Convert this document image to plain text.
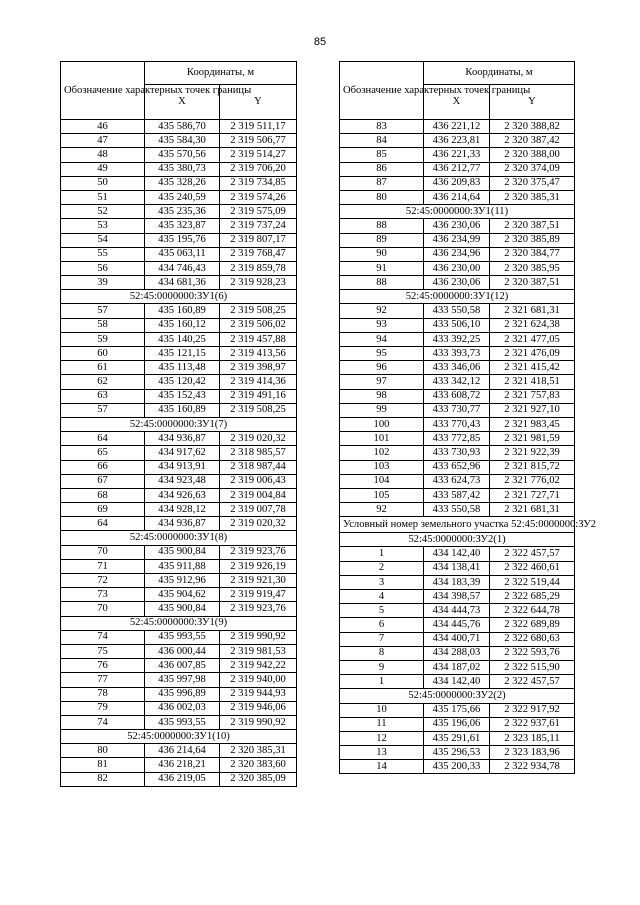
85
Обозначение характерных точек границы	Координаты, м	
	X	Y
46	435 586,70	2 319 511,17
47	435 584,30	2 319 506,77
48	435 570,56	2 319 514,27
49	435 380,73	2 319 706,20
50	435 328,26	2 319 734,85
51	435 240,59	2 319 574,26
52	435 235,36	2 319 575,09
53	435 323,87	2 319 737,24
54	435 195,76	2 319 807,17
55	435 063,11	2 319 768,47
56	434 746,43	2 319 859,78
39	434 681,36	2 319 928,23
52:45:0000000:ЗУ1(6)		
57	435 160,89	2 319 508,25
58	435 160,12	2 319 506,02
59	435 140,25	2 319 457,88
60	435 121,15	2 319 413,56
61	435 113,48	2 319 398,97
62	435 120,42	2 319 414,36
63	435 152,43	2 319 491,16
57	435 160,89	2 319 508,25
52:45:0000000:ЗУ1(7)		
64	434 936,87	2 319 020,32
65	434 917,62	2 318 985,57
66	434 913,91	2 318 987,44
67	434 923,48	2 319 006,43
68	434 926,63	2 319 004,84
69	434 928,12	2 319 007,78
64	434 936,87	2 319 020,32
52:45:0000000:ЗУ1(8)		
70	435 900,84	2 319 923,76
71	435 911,88	2 319 926,19
72	435 912,96	2 319 921,30
73	435 904,62	2 319 919,47
70	435 900,84	2 319 923,76
52:45:0000000:ЗУ1(9)		
74	435 993,55	2 319 990,92
75	436 000,44	2 319 981,53
76	436 007,85	2 319 942,22
77	435 997,98	2 319 940,00
78	435 996,89	2 319 944,93
79	436 002,03	2 319 946,06
74	435 993,55	2 319 990,92
52:45:0000000:ЗУ1(10)		
80	436 214,64	2 320 385,31
81	436 218,21	2 320 383,60
82	436 219,05	2 320 385,09
Обозначение характерных точек границы	Координаты, м	
	X	Y
83	436 221,12	2 320 388,82
84	436 223,81	2 320 387,42
85	436 221,33	2 320 388,00
86	436 212,77	2 320 374,09
87	436 209,83	2 320 375,47
80	436 214,64	2 320 385,31
52:45:0000000:ЗУ1(11)		
88	436 230,06	2 320 387,51
89	436 234,99	2 320 385,89
90	436 234,96	2 320 384,77
91	436 230,00	2 320 385,95
88	436 230,06	2 320 387,51
52:45:0000000:ЗУ1(12)		
92	433 550,58	2 321 681,31
93	433 506,10	2 321 624,38
94	433 392,25	2 321 477,05
95	433 393,73	2 321 476,09
96	433 346,06	2 321 415,42
97	433 342,12	2 321 418,51
98	433 608,72	2 321 757,83
99	433 730,77	2 321 927,10
100	433 770,43	2 321 983,45
101	433 772,85	2 321 981,59
102	433 730,93	2 321 922,39
103	433 652,96	2 321 815,72
104	433 624,73	2 321 776,02
105	433 587,42	2 321 727,71
92	433 550,58	2 321 681,31
Условный номер земельного участка 52:45:0000000:ЗУ2		
52:45:0000000:ЗУ2(1)		
1	434 142,40	2 322 457,57
2	434 138,41	2 322 460,61
3	434 183,39	2 322 519,44
4	434 398,57	2 322 685,29
5	434 444,73	2 322 644,78
6	434 445,76	2 322 689,89
7	434 400,71	2 322 680,63
8	434 288,03	2 322 593,76
9	434 187,02	2 322 515,90
1	434 142,40	2 322 457,57
52:45:0000000:ЗУ2(2)		
10	435 175,66	2 322 917,92
11	435 196,06	2 322 937,61
12	435 291,61	2 323 185,11
13	435 296,53	2 323 183,96
14	435 200,33	2 322 934,78
